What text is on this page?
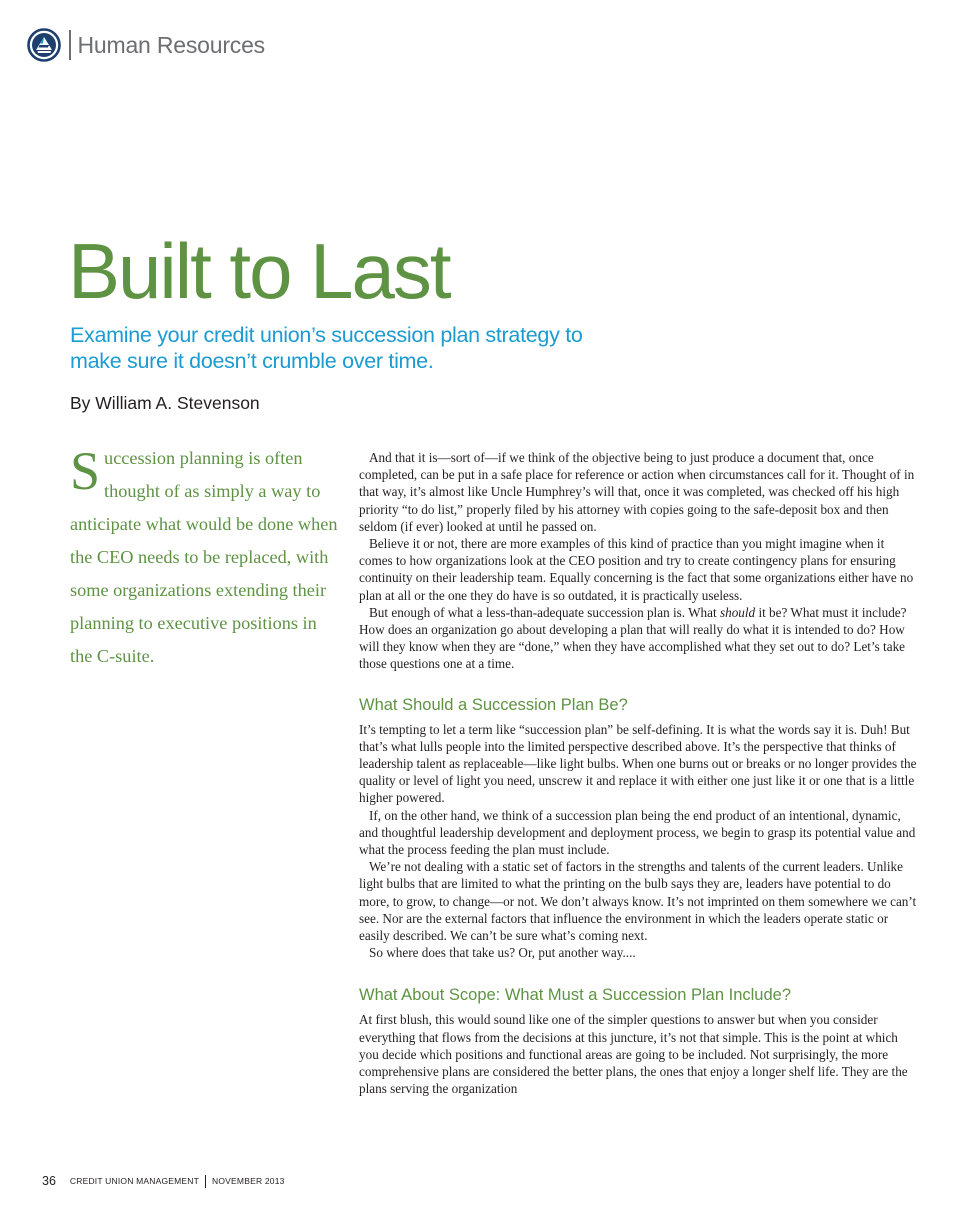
Human Resources
Built to Last

Examine your credit union’s succession plan strategy to make sure it doesn’t crumble over time.

By William A. Stevenson

Succession planning is often thought of as simply a way to anticipate what would be done when the CEO needs to be replaced, with some organizations extending their planning to executive positions in the C-suite.

And that it is—sort of—if we think of the objective being to just produce a document that, once completed, can be put in a safe place for reference or action when circumstances call for it. Thought of in that way, it’s almost like Uncle Humphrey’s will that, once it was completed, was checked off his high priority “to do list,” properly filed by his attorney with copies going to the safe-deposit box and then seldom (if ever) looked at until he passed on.

Believe it or not, there are more examples of this kind of practice than you might imagine when it comes to how organizations look at the CEO position and try to create contingency plans for ensuring continuity on their leadership team. Equally concerning is the fact that some organizations either have no plan at all or the one they do have is so outdated, it is practically useless.

But enough of what a less-than-adequate succession plan is. What should it be? What must it include? How does an organization go about developing a plan that will really do what it is intended to do? How will they know when they are “done,” when they have accomplished what they set out to do? Let’s take those questions one at a time.

What Should a Succession Plan Be?

It’s tempting to let a term like “succession plan” be self-defining. It is what the words say it is. Duh! But that’s what lulls people into the limited perspective described above. It’s the perspective that thinks of leadership talent as replaceable—like light bulbs. When one burns out or breaks or no longer provides the quality or level of light you need, unscrew it and replace it with either one just like it or one that is a little higher powered.

If, on the other hand, we think of a succession plan being the end product of an intentional, dynamic, and thoughtful leadership development and deployment process, we begin to grasp its potential value and what the process feeding the plan must include.

We’re not dealing with a static set of factors in the strengths and talents of the current leaders. Unlike light bulbs that are limited to what the printing on the bulb says they are, leaders have potential to do more, to grow, to change—or not. We don’t always know. It’s not imprinted on them somewhere we can’t see. Nor are the external factors that influence the environment in which the leaders operate static or easily described. We can’t be sure what’s coming next.

So where does that take us? Or, put another way....

What About Scope: What Must a Succession Plan Include?

At first blush, this would sound like one of the simpler questions to answer but when you consider everything that flows from the decisions at this juncture, it’s not that simple. This is the point at which you decide which positions and functional areas are going to be included. Not surprisingly, the more comprehensive plans are considered the better plans, the ones that enjoy a longer shelf life. They are the plans serving the organization

36 CREDIT UNION MANAGEMENT NOVEMBER 2013
